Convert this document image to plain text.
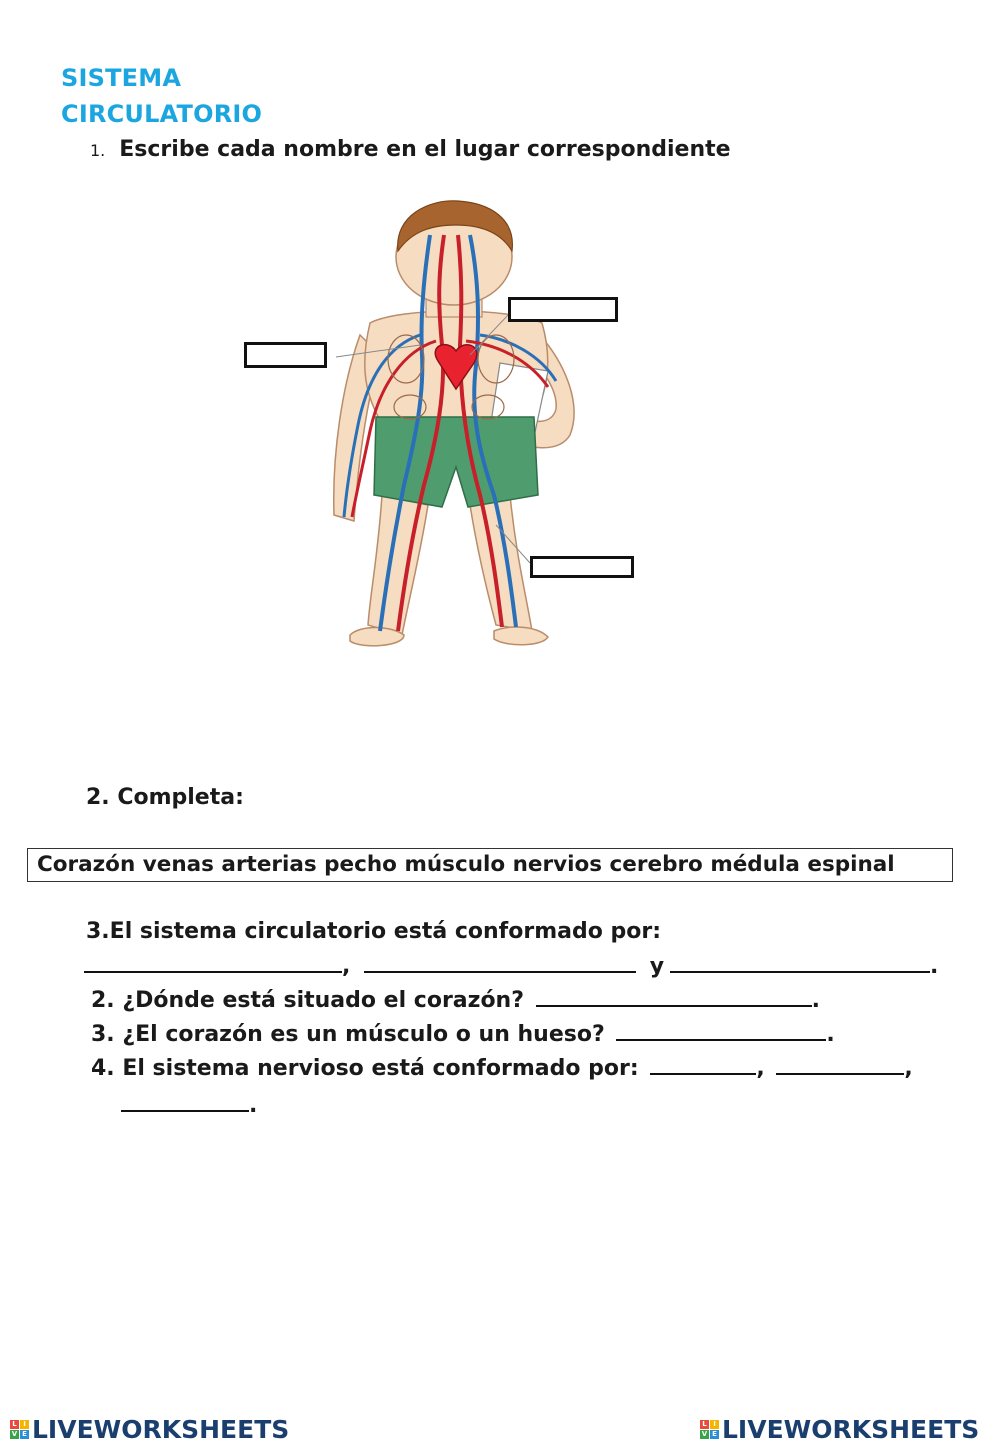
SISTEMA
CIRCULATORIO
1. Escribe cada nombre en el lugar correspondiente
2. Completa:
Corazón venas arterias pecho músculo nervios cerebro médula espinal
3.El sistema circulatorio está conformado por:
,	y	.
2. ¿Dónde está situado el corazón?	.
3. ¿El corazón es un músculo o un hueso?	.
4. El sistema nervioso está conformado por:	,	,
.
L I
V E LIVEWORKSHEETS	L I
V E LIVEWORKSHEETS
